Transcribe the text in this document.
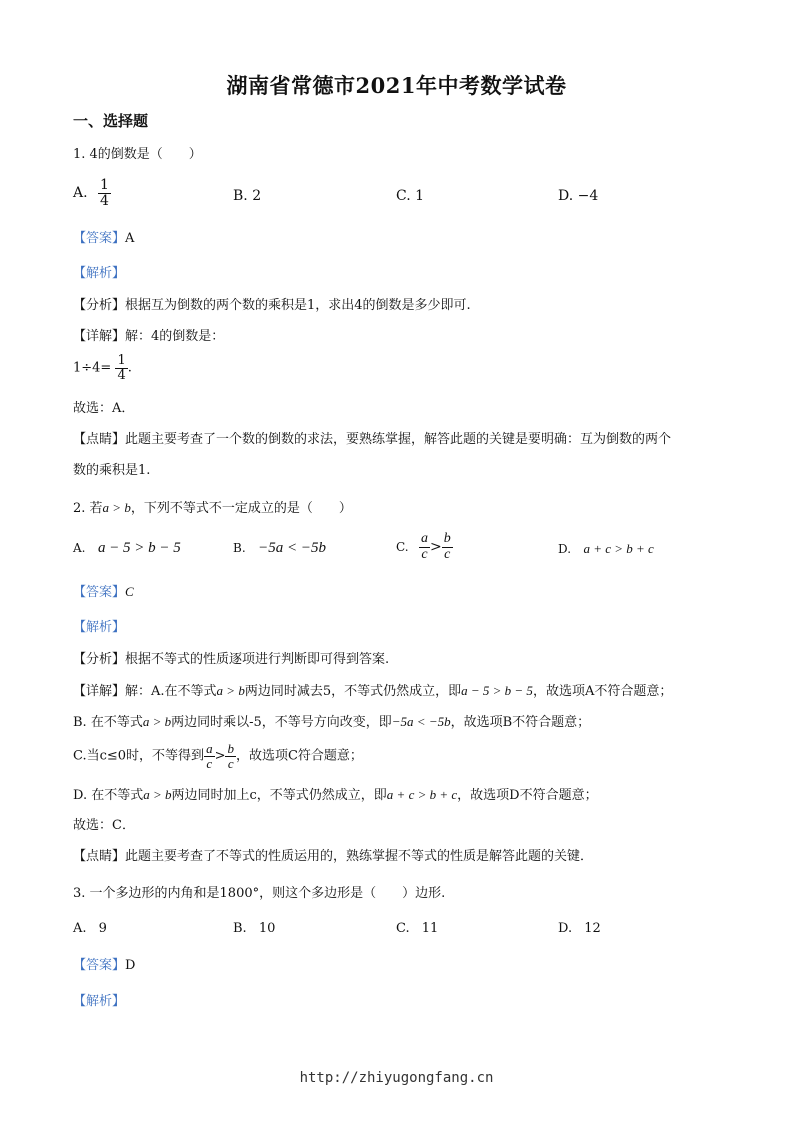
湖南省常德市2021年中考数学试卷
一、选择题
1. 4的倒数是（　　）
A. $\frac{1}{4}$	B. 2	C. 1	D. −4
【答案】A
【解析】
【分析】根据互为倒数的两个数的乘积是1，求出4的倒数是多少即可.
【详解】解：4的倒数是：
$1\div 4= \frac{1}{4}$ .
故选：A．
【点睛】此题主要考查了一个数的倒数的求法，要熟练掌握，解答此题的关键是要明确：互为倒数的两个
数的乘积是1.
2. 若a > b，下列不等式不一定成立的是（　　）
A. a − 5 > b − 5	B. −5a < −5b	C. $\frac{a}{c} > \frac{b}{c}$	D. a + c > b + c
【答案】C
【解析】
【分析】根据不等式的性质逐项进行判断即可得到答案.
【详解】解：A.在不等式a > b两边同时减去5，不等式仍然成立，即a − 5 > b − 5，故选项A不符合题意；
B. 在不等式a > b两边同时乘以-5，不等号方向改变，即−5a < −5b，故选项B不符合题意；
C.当c≤0时，不等得到 $\frac{a}{c} > \frac{b}{c}$ ，故选项C符合题意；
D. 在不等式a > b两边同时加上c，不等式仍然成立，即a + c > b + c，故选项D不符合题意；
故选：C．
【点睛】此题主要考查了不等式的性质运用的，熟练掌握不等式的性质是解答此题的关键．
3. 一个多边形的内角和是1800°，则这个多边形是（　　）边形.
A. 9	B. 10	C. 11	D. 12
【答案】D
【解析】
http://zhiyugongfang.cn
